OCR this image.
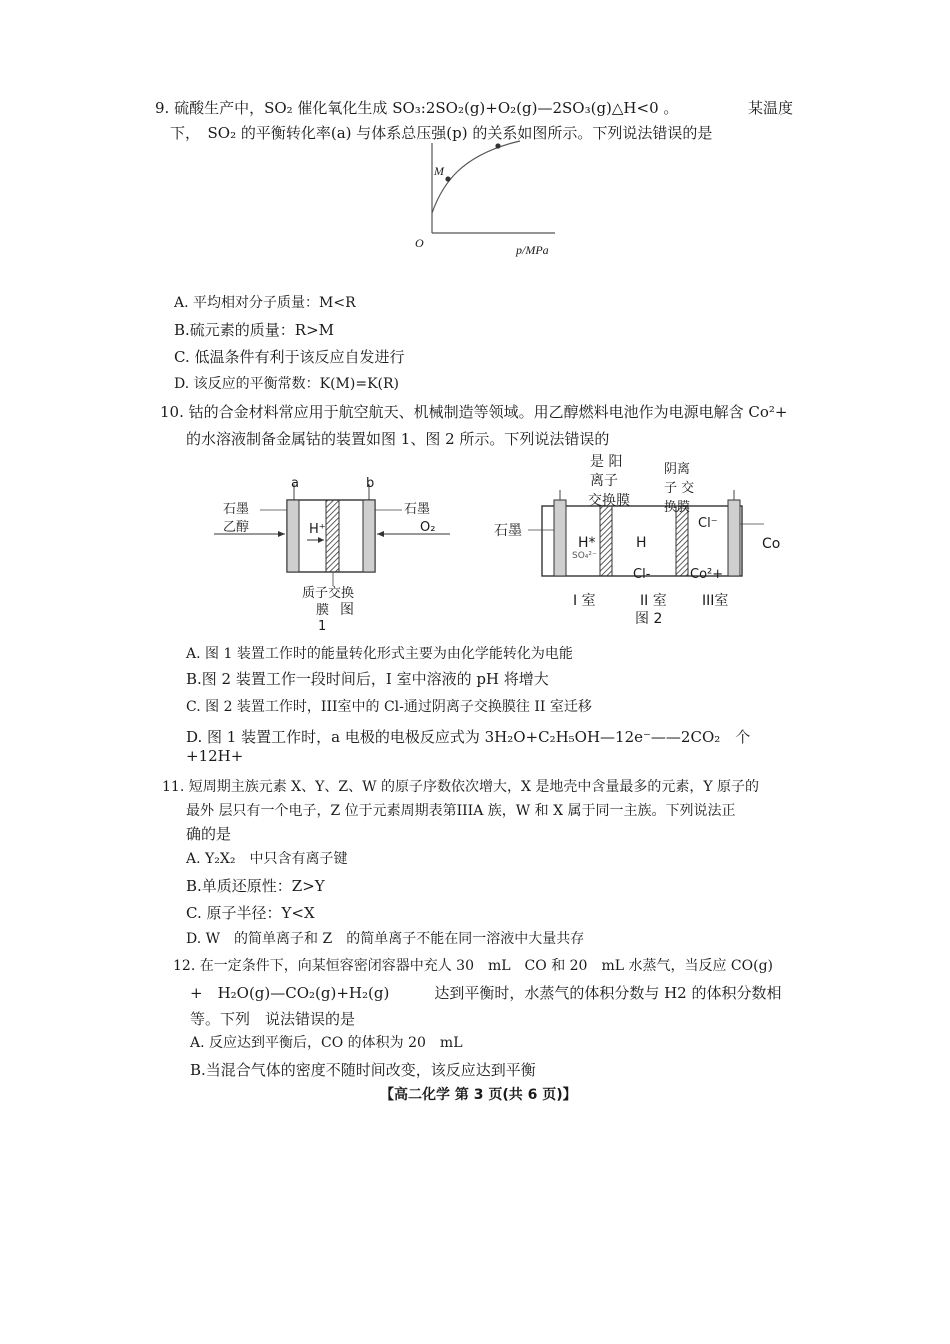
9. 硫酸生产中，SO₂ 催化氧化生成 SO₃:2SO₂(g)+O₂(g)—2SO₃(g)△H<0 。	某温度
下，　SO₂ 的平衡转化率(a) 与体系总压强(p) 的关系如图所示。下列说法错误的是
M
O	p/MPa
A. 平均相对分子质量：M<R
B.硫元素的质量：R>M
C. 低温条件有利于该反应自发进行
D. 该反应的平衡常数：K(M)=K(R)
10. 钴的合金材料常应用于航空航天、机械制造等领域。用乙醇燃料电池作为电源电解含 Co²+
的水溶液制备金属钴的装置如图 1、图 2 所示。下列说法错误的
a	b
石墨	石墨
乙醇	O₂
H⁺
质子交换
膜 图
1
是 阳
离子
交换膜
阴离
子 交
换膜
石墨
H*
SO₄²⁻
H
Cl⁻
Cl-	Co²+
Co
I 室	II 室	III室
图 2
A. 图 1 装置工作时的能量转化形式主要为由化学能转化为电能
B.图 2 装置工作一段时间后，I 室中溶液的 pH 将增大
C. 图 2 装置工作时，III室中的 Cl-通过阴离子交换膜往 II 室迁移
D. 图 1 装置工作时，a 电极的电极反应式为 3H₂O+C₂H₅OH—12e⁻——2CO₂　个
+12H+
11. 短周期主族元素 X、Y、Z、W 的原子序数依次增大，X 是地壳中含量最多的元素，Y 原子的
最外 层只有一个电子，Z 位于元素周期表第IIIA 族，W 和 X 属于同一主族。下列说法正
确的是
A. Y₂X₂　中只含有离子键
B.单质还原性：Z>Y
C. 原子半径：Y<X
D. W　的简单离子和 Z　的简单离子不能在同一溶液中大量共存
12. 在一定条件下，向某恒容密闭容器中充人 30　mL　CO 和 20　mL 水蒸气，当反应 CO(g)
+　H₂O(g)—CO₂(g)+H₂(g)　　　达到平衡时，水蒸气的体积分数与 H2 的体积分数相
等。下列　说法错误的是
A. 反应达到平衡后，CO 的体积为 20　mL
B.当混合气体的密度不随时间改变，该反应达到平衡
【高二化学 第 3 页(共 6 页)】
